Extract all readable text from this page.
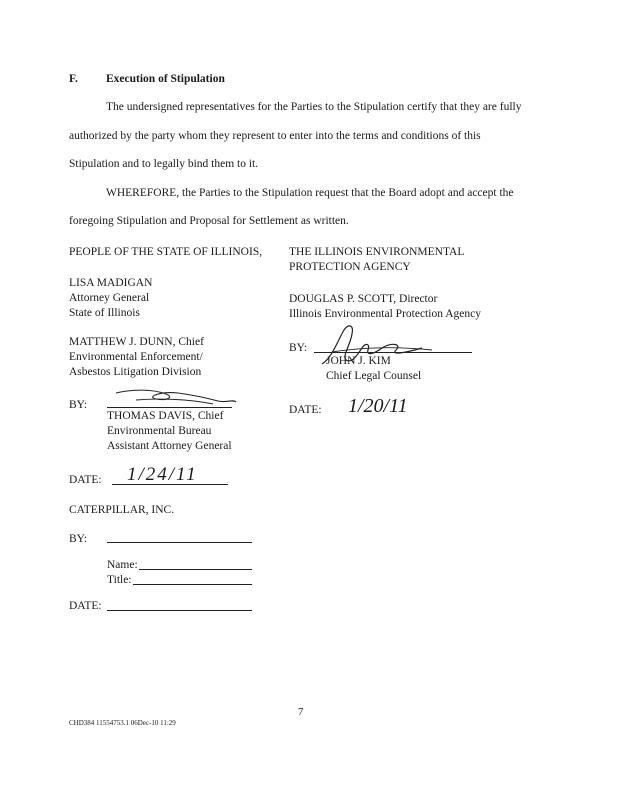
F. Execution of Stipulation
The undersigned representatives for the Parties to the Stipulation certify that they are fully
authorized by the party whom they represent to enter into the terms and conditions of this
Stipulation and to legally bind them to it.
WHEREFORE, the Parties to the Stipulation request that the Board adopt and accept the
foregoing Stipulation and Proposal for Settlement as written.
PEOPLE OF THE STATE OF ILLINOIS,
LISA MADIGAN
Attorney General
State of Illinois
MATTHEW J. DUNN, Chief
Environmental Enforcement/
Asbestos Litigation Division
BY:
THOMAS DAVIS, Chief
Environmental Bureau
Assistant Attorney General
DATE: 1/24/11
THE ILLINOIS ENVIRONMENTAL
PROTECTION AGENCY
DOUGLAS P. SCOTT, Director
Illinois Environmental Protection Agency
BY:
JOHN J. KIM
Chief Legal Counsel
DATE: 1/20/11
CATERPILLAR, INC.
BY:
Name:
Title:
DATE:
7
CHD384 11554753.1 06Dec-10 11:29
